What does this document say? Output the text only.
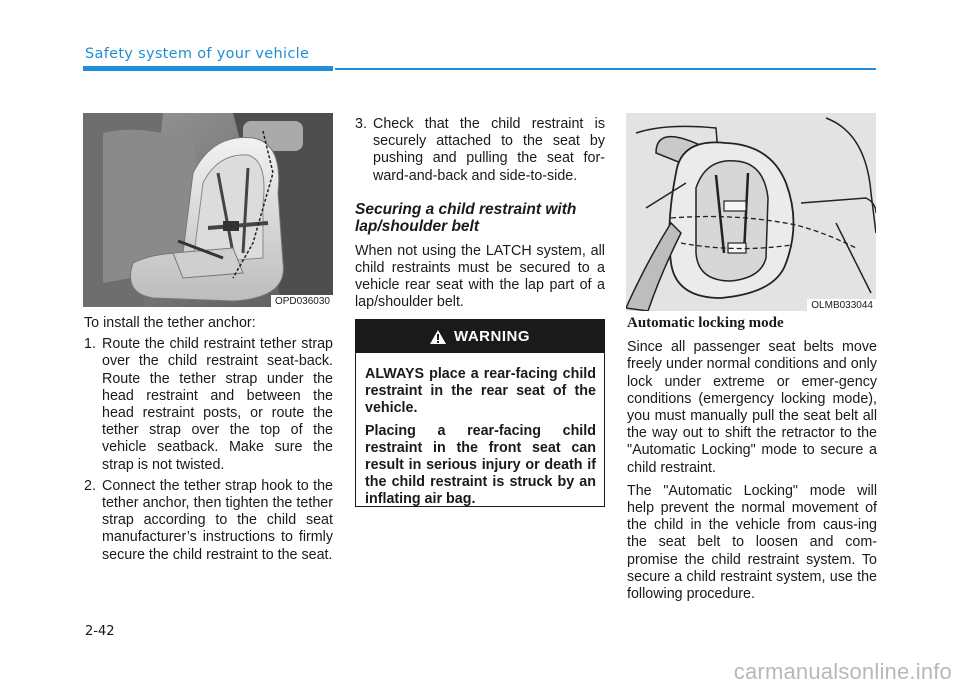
Safety system of your vehicle
OPD036030

To install the tether anchor:

1. Route the child restraint tether strap over the child restraint seat-back. Route the tether strap under the head restraint and between the head restraint posts, or route the tether strap over the top of the vehicle seatback. Make sure the strap is not twisted.
2. Connect the tether strap hook to the tether anchor, then tighten the tether strap according to the child seat manufacturer’s instructions to firmly secure the child restraint to the seat.
3. Check that the child restraint is securely attached to the seat by pushing and pulling the seat for-ward-and-back and side-to-side.

Securing a child restraint with lap/shoulder belt

When not using the LATCH system, all child restraints must be secured to a vehicle rear seat with the lap part of a lap/shoulder belt.

WARNING

ALWAYS place a rear-facing child restraint in the rear seat of the vehicle.

Placing a rear-facing child restraint in the front seat can result in serious injury or death if the child restraint is struck by an inflating air bag.

OLMB033044

Automatic locking mode

Since all passenger seat belts move freely under normal conditions and only lock under extreme or emer-gency conditions (emergency locking mode), you must manually pull the seat belt all the way out to shift the retractor to the "Automatic Locking" mode to secure a child restraint.

The "Automatic Locking" mode will help prevent the normal movement of the child in the vehicle from caus-ing the seat belt to loosen and com-promise the child restraint system. To secure a child restraint system, use the following procedure.

2-42
carmanualsonline.info
